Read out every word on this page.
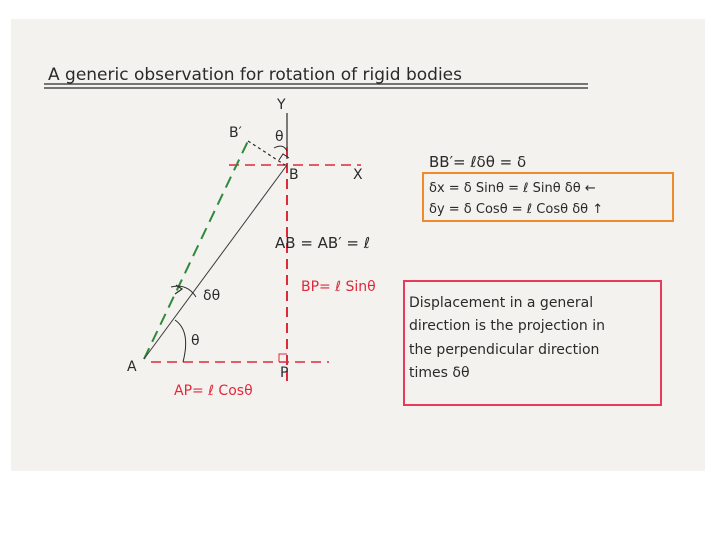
A generic observation for rotation of rigid bodies
Y
B′ θ
B	X
δθ
θ
A	P
AB = AB′ = ℓ
BP= ℓ Sinθ
AP= ℓ Cosθ
BB′= ℓδθ = δ
δx = δ Sinθ = ℓ Sinθ δθ ←
δy = δ Cosθ = ℓ Cosθ δθ ↑
Displacement in a general
direction is the projection in
the perpendicular direction
times δθ
